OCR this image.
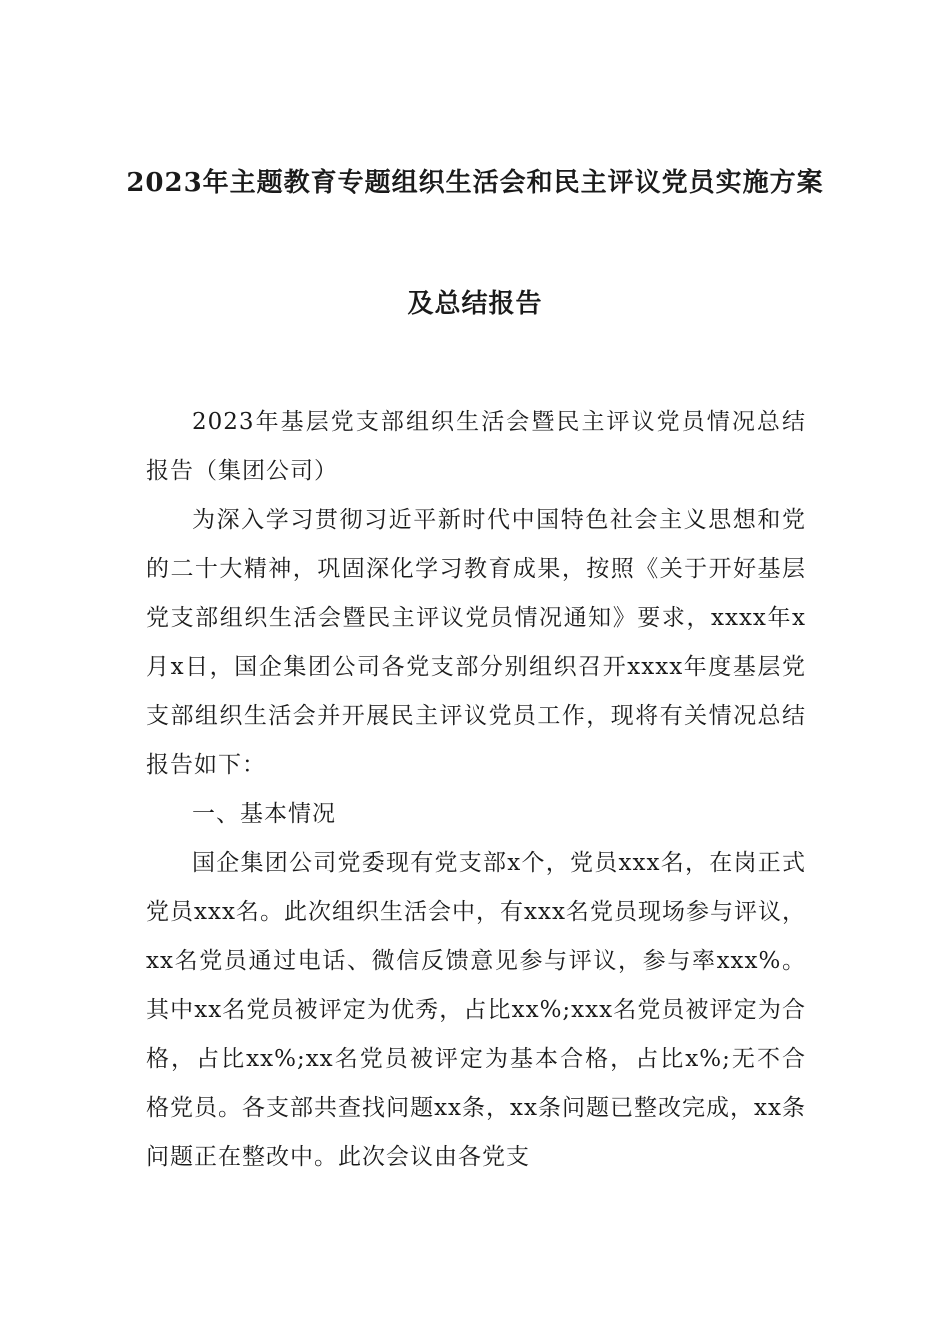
2023年主题教育专题组织生活会和民主评议党员实施方案
及总结报告

2023年基层党支部组织生活会暨民主评议党员情况总结报告（集团公司）

为深入学习贯彻习近平新时代中国特色社会主义思想和党的二十大精神，巩固深化学习教育成果，按照《关于开好基层党支部组织生活会暨民主评议党员情况通知》要求，xxxx年x月x日，国企集团公司各党支部分别组织召开xxxx年度基层党支部组织生活会并开展民主评议党员工作，现将有关情况总结报告如下：

一、基本情况

国企集团公司党委现有党支部x个，党员xxx名，在岗正式党员xxx名。此次组织生活会中，有xxx名党员现场参与评议，xx名党员通过电话、微信反馈意见参与评议，参与率xxx%。其中xx名党员被评定为优秀，占比xx%;xxx名党员被评定为合格，占比xx%;xx名党员被评定为基本合格，占比x%;无不合格党员。各支部共查找问题xx条，xx条问题已整改完成，xx条问题正在整改中。此次会议由各党支
